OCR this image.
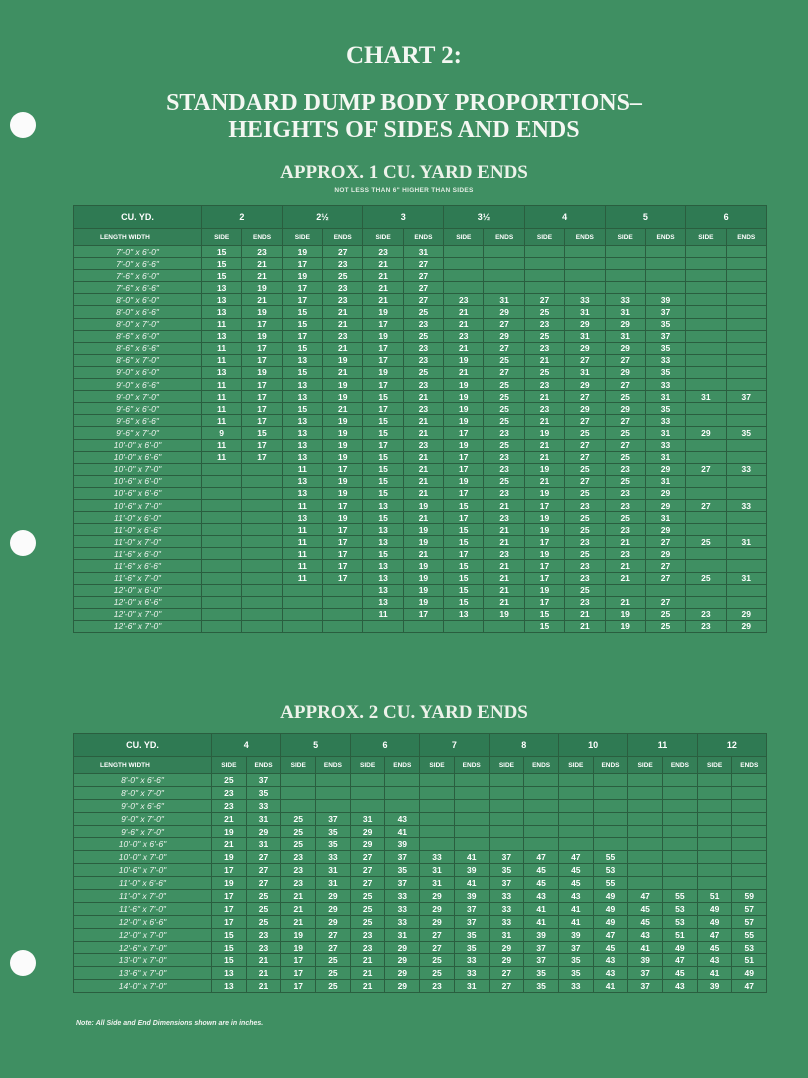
CHART 2:
STANDARD DUMP BODY PROPORTIONS–
HEIGHTS OF SIDES AND ENDS
APPROX. 1 CU. YARD ENDS
NOT LESS THAN 6" HIGHER THAN SIDES
CU. YD.	2		2½		3		3½		4		5		6	
LENGTH WIDTH	SIDE	ENDS	SIDE	ENDS	SIDE	ENDS	SIDE	ENDS	SIDE	ENDS	SIDE	ENDS	SIDE	ENDS
7'-0" x 6'-0"	15	23	19	27	23	31								
7'-0" x 6'-6"	15	21	17	23	21	27								
7'-6" x 6'-0"	15	21	19	25	21	27								
7'-6" x 6'-6"	13	19	17	23	21	27								
8'-0" x 6'-0"	13	21	17	23	21	27	23	31	27	33	33	39		
8'-0" x 6'-6"	13	19	15	21	19	25	21	29	25	31	31	37		
8'-0" x 7'-0"	11	17	15	21	17	23	21	27	23	29	29	35		
8'-6" x 6'-0"	13	19	17	23	19	25	23	29	25	31	31	37		
8'-6" x 6'-6"	11	17	15	21	17	23	21	27	23	29	29	35		
8'-6" x 7'-0"	11	17	13	19	17	23	19	25	21	27	27	33		
9'-0" x 6'-0"	13	19	15	21	19	25	21	27	25	31	29	35		
9'-0" x 6'-6"	11	17	13	19	17	23	19	25	23	29	27	33		
9'-0" x 7'-0"	11	17	13	19	15	21	19	25	21	27	25	31	31	37
9'-6" x 6'-0"	11	17	15	21	17	23	19	25	23	29	29	35		
9'-6" x 6'-6"	11	17	13	19	15	21	19	25	21	27	27	33		
9'-6" x 7'-0"	9	15	13	19	15	21	17	23	19	25	25	31	29	35
10'-0" x 6'-0"	11	17	13	19	17	23	19	25	21	27	27	33		
10'-0" x 6'-6"	11	17	13	19	15	21	17	23	21	27	25	31		
10'-0" x 7'-0"			11	17	15	21	17	23	19	25	23	29	27	33
10'-6" x 6'-0"			13	19	15	21	19	25	21	27	25	31		
10'-6" x 6'-6"			13	19	15	21	17	23	19	25	23	29		
10'-6" x 7'-0"			11	17	13	19	15	21	17	23	23	29	27	33
11'-0" x 6'-0"			13	19	15	21	17	23	19	25	25	31		
11'-0" x 6'-6"			11	17	13	19	15	21	19	25	23	29		
11'-0" x 7'-0"			11	17	13	19	15	21	17	23	21	27	25	31
11'-6" x 6'-0"			11	17	15	21	17	23	19	25	23	29		
11'-6" x 6'-6"			11	17	13	19	15	21	17	23	21	27		
11'-6" x 7'-0"			11	17	13	19	15	21	17	23	21	27	25	31
12'-0" x 6'-0"					13	19	15	21	19	25				
12'-0" x 6'-6"					13	19	15	21	17	23	21	27		
12'-0" x 7'-0"					11	17	13	19	15	21	19	25	23	29
12'-6" x 7'-0"									15	21	19	25	23	29
APPROX. 2 CU. YARD ENDS
CU. YD.	4		5		6		7		8		10		11		12	
LENGTH WIDTH	SIDE	ENDS	SIDE	ENDS	SIDE	ENDS	SIDE	ENDS	SIDE	ENDS	SIDE	ENDS	SIDE	ENDS	SIDE	ENDS
8'-0" x 6'-6"	25	37														
8'-0" x 7'-0"	23	35														
9'-0" x 6'-6"	23	33														
9'-0" x 7'-0"	21	31	25	37	31	43										
9'-6" x 7'-0"	19	29	25	35	29	41										
10'-0" x 6'-6"	21	31	25	35	29	39										
10'-0" x 7'-0"	19	27	23	33	27	37	33	41	37	47	47	55				
10'-6" x 7'-0"	17	27	23	31	27	35	31	39	35	45	45	53				
11'-0" x 6'-6"	19	27	23	31	27	37	31	41	37	45	45	55				
11'-0" x 7'-0"	17	25	21	29	25	33	29	39	33	43	43	49	47	55	51	59
11'-6" x 7'-0"	17	25	21	29	25	33	29	37	33	41	41	49	45	53	49	57
12'-0" x 6'-6"	17	25	21	29	25	33	29	37	33	41	41	49	45	53	49	57
12'-0" x 7'-0"	15	23	19	27	23	31	27	35	31	39	39	47	43	51	47	55
12'-6" x 7'-0"	15	23	19	27	23	29	27	35	29	37	37	45	41	49	45	53
13'-0" x 7'-0"	15	21	17	25	21	29	25	33	29	37	35	43	39	47	43	51
13'-6" x 7'-0"	13	21	17	25	21	29	25	33	27	35	35	43	37	45	41	49
14'-0" x 7'-0"	13	21	17	25	21	29	23	31	27	35	33	41	37	43	39	47
Note: All Side and End Dimensions shown are in inches.
